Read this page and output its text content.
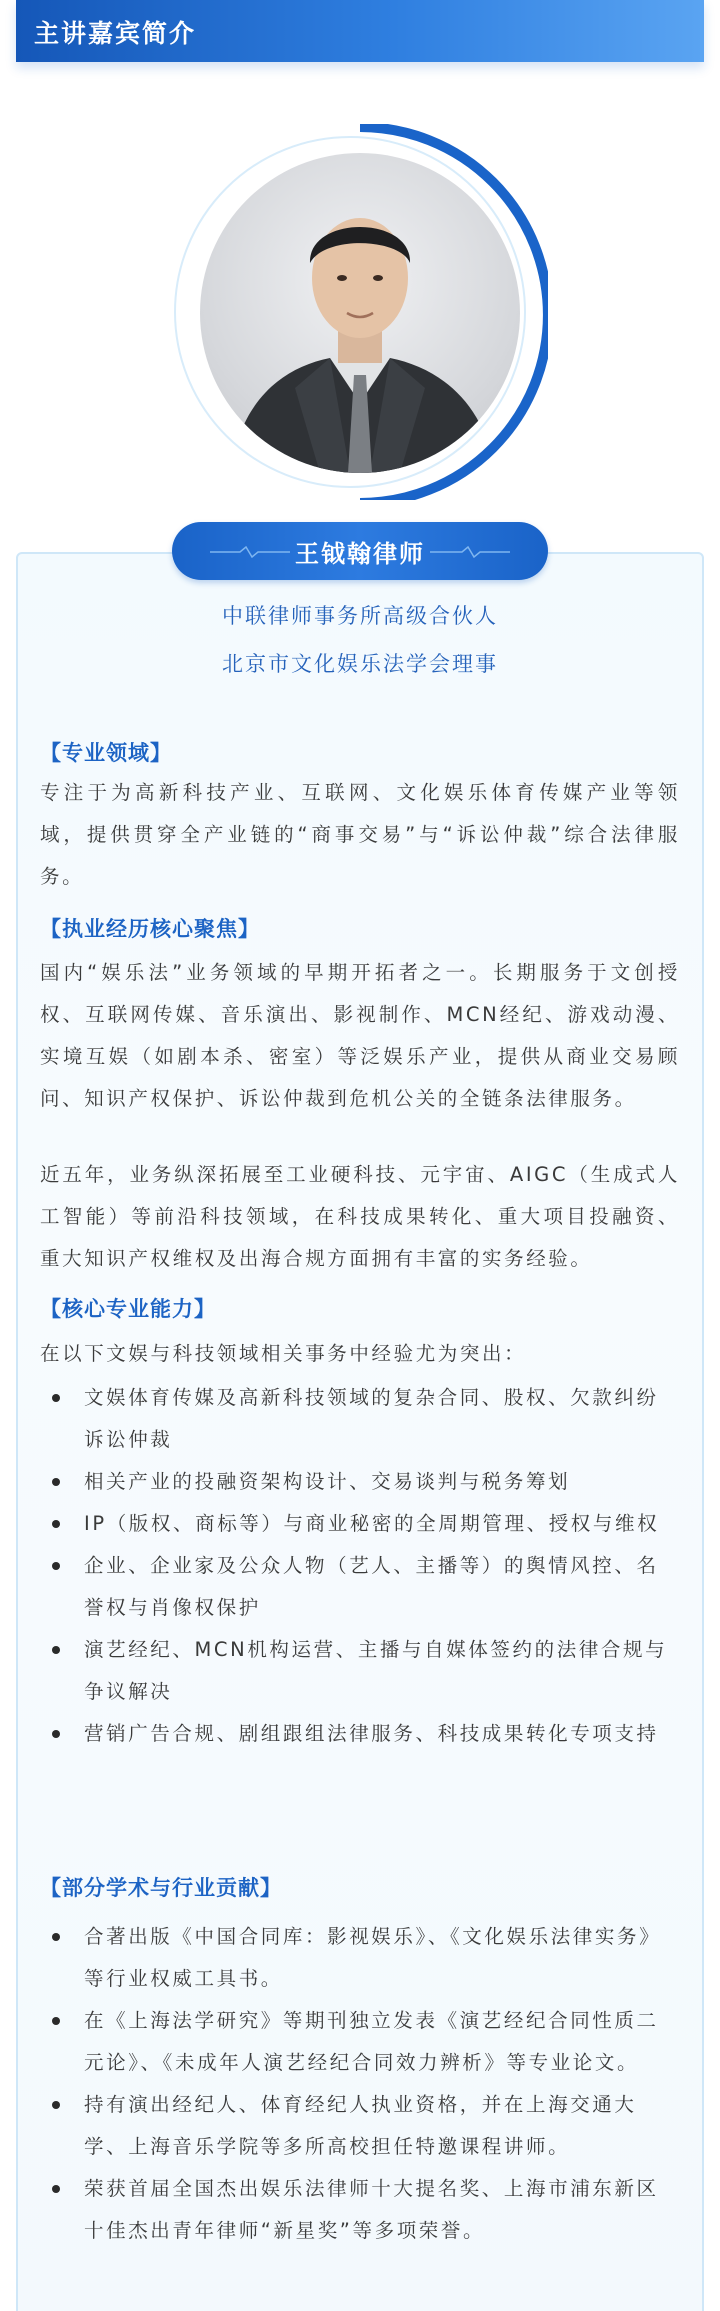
主讲嘉宾简介
王钺翰律师
中联律师事务所高级合伙人
北京市文化娱乐法学会理事
【专业领域】
专注于为高新科技产业、互联网、文化娱乐体育传媒产业等领域，提供贯穿全产业链的“商事交易”与“诉讼仲裁”综合法律服务。
【执业经历核心聚焦】
国内“娱乐法”业务领域的早期开拓者之一。长期服务于文创授权、互联网传媒、音乐演出、影视制作、MCN经纪、游戏动漫、实境互娱（如剧本杀、密室）等泛娱乐产业，提供从商业交易顾问、知识产权保护、诉讼仲裁到危机公关的全链条法律服务。
近五年，业务纵深拓展至工业硬科技、元宇宙、AIGC（生成式人工智能）等前沿科技领域，在科技成果转化、重大项目投融资、重大知识产权维权及出海合规方面拥有丰富的实务经验。
【核心专业能力】
在以下文娱与科技领域相关事务中经验尤为突出：
文娱体育传媒及高新科技领域的复杂合同、股权、欠款纠纷诉讼仲裁
相关产业的投融资架构设计、交易谈判与税务筹划
IP（版权、商标等）与商业秘密的全周期管理、授权与维权
企业、企业家及公众人物（艺人、主播等）的舆情风控、名誉权与肖像权保护
演艺经纪、MCN机构运营、主播与自媒体签约的法律合规与争议解决
营销广告合规、剧组跟组法律服务、科技成果转化专项支持
【部分学术与行业贡献】
合著出版《中国合同库：影视娱乐》、《文化娱乐法律实务》等行业权威工具书。
在《上海法学研究》等期刊独立发表《演艺经纪合同性质二元论》、《未成年人演艺经纪合同效力辨析》等专业论文。
持有演出经纪人、体育经纪人执业资格，并在上海交通大学、上海音乐学院等多所高校担任特邀课程讲师。
荣获首届全国杰出娱乐法律师十大提名奖、上海市浦东新区十佳杰出青年律师“新星奖”等多项荣誉。
